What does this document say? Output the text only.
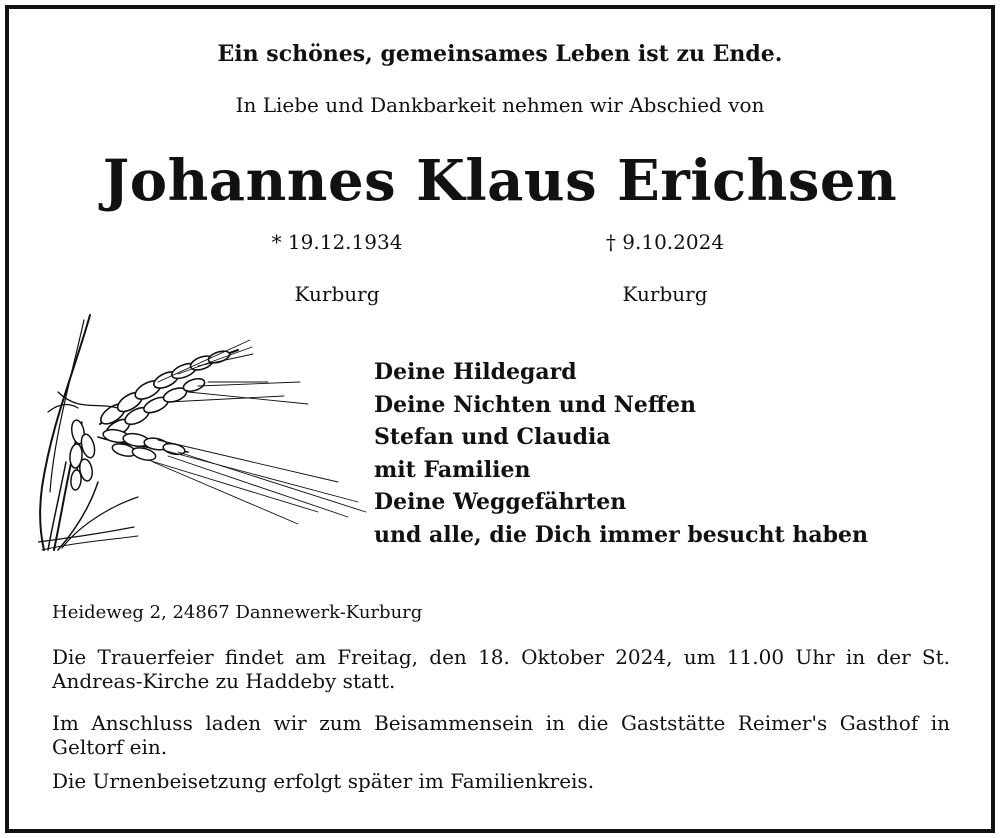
Ein schönes, gemeinsames Leben ist zu Ende.

In Liebe und Dankbarkeit nehmen wir Abschied von

Johannes Klaus Erichsen

* 19.12.1934	† 9.10.2024

Kurburg	Kurburg

Deine Hildegard
Deine Nichten und Neffen
Stefan und Claudia
mit Familien
Deine Weggefährten
und alle, die Dich immer besucht haben

Heideweg 2, 24867 Dannewerk-Kurburg

Die Trauerfeier findet am Freitag, den 18. Oktober 2024, um 11.00 Uhr in der St. Andreas-Kirche zu Haddeby statt.

Im Anschluss laden wir zum Beisammensein in die Gaststätte Reimer's Gasthof in Geltorf ein.

Die Urnenbeisetzung erfolgt später im Familienkreis.
